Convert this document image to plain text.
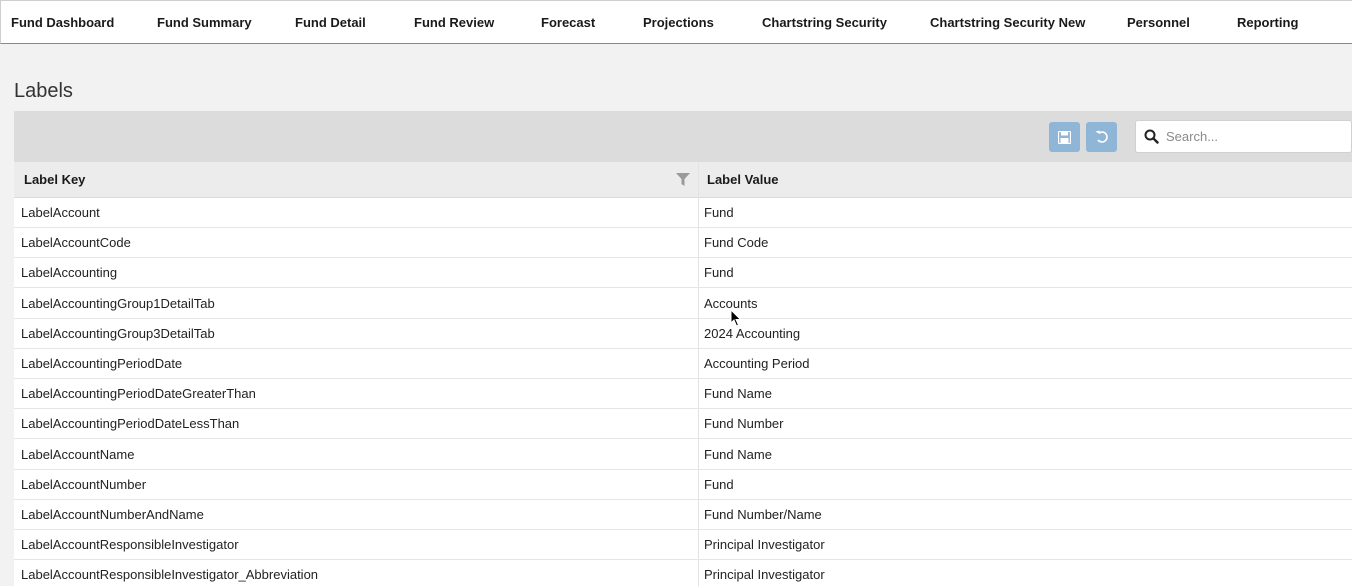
Fund Dashboard	Fund Summary	Fund Detail	Fund Review	Forecast	Projections	Chartstring Security	Chartstring Security New	Personnel	Reporting
Labels
Search...
Label Key	Label Value
LabelAccount	Fund
LabelAccountCode	Fund Code
LabelAccounting	Fund
LabelAccountingGroup1DetailTab	Accounts
LabelAccountingGroup3DetailTab	2024 Accounting
LabelAccountingPeriodDate	Accounting Period
LabelAccountingPeriodDateGreaterThan	Fund Name
LabelAccountingPeriodDateLessThan	Fund Number
LabelAccountName	Fund Name
LabelAccountNumber	Fund
LabelAccountNumberAndName	Fund Number/Name
LabelAccountResponsibleInvestigator	Principal Investigator
LabelAccountResponsibleInvestigator_Abbreviation	Principal Investigator
